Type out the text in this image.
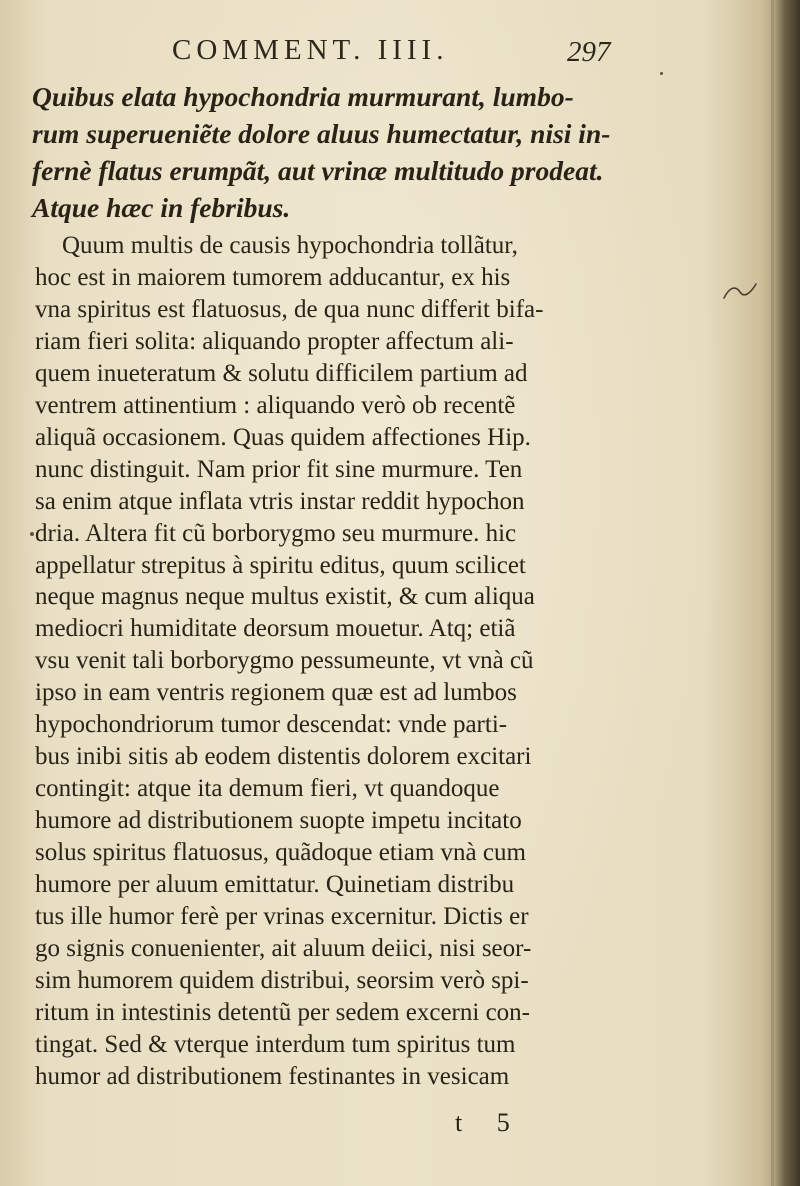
COMMENT. IIII.	297
Quibus elata hypochondria murmurant, lumbo-
rum superueniẽte dolore aluus humectatur, nisi in-
fernè flatus erumpãt, aut vrinæ multitudo prodeat.
Atque hæc in febribus.
Quum multis de causis hypochondria tollãtur,
hoc est in maiorem tumorem adducantur, ex his
vna spiritus est flatuosus, de qua nunc differit bifa-
riam fieri solita: aliquando propter affectum ali-
quem inueteratum & solutu difficilem partium ad
ventrem attinentium : aliquando verò ob recentẽ
aliquã occasionem. Quas quidem affectiones Hip.
nunc distinguit. Nam prior fit sine murmure. Ten
sa enim atque inflata vtris instar reddit hypochon
dria. Altera fit cũ borborygmo seu murmure. hic
appellatur strepitus à spiritu editus, quum scilicet
neque magnus neque multus existit, & cum aliqua
mediocri humiditate deorsum mouetur. Atq; etiã
vsu venit tali borborygmo pessumeunte, vt vnà cũ
ipso in eam ventris regionem quæ est ad lumbos
hypochondriorum tumor descendat: vnde parti-
bus inibi sitis ab eodem distentis dolorem excitari
contingit: atque ita demum fieri, vt quandoque
humore ad distributionem suopte impetu incitato
solus spiritus flatuosus, quãdoque etiam vnà cum
humore per aluum emittatur. Quinetiam distribu
tus ille humor ferè per vrinas excernitur. Dictis er
go signis conuenienter, ait aluum deiici, nisi seor-
sim humorem quidem distribui, seorsim verò spi-
ritum in intestinis detentũ per sedem excerni con-
tingat. Sed & vterque interdum tum spiritus tum
humor ad distributionem festinantes in vesicam
t 5
